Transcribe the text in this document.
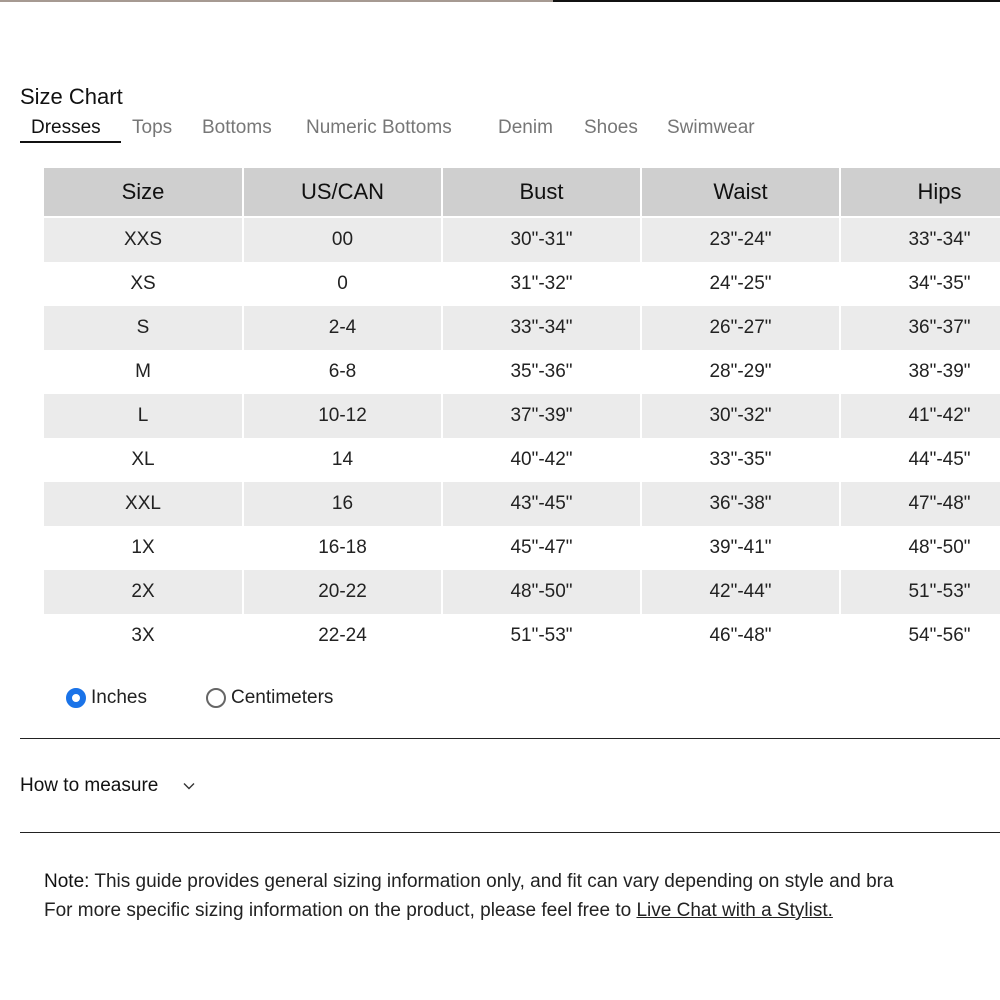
Size Chart
Dresses Tops Bottoms Numeric Bottoms Denim Shoes Swimwear
Size	US/CAN	Bust	Waist	Hips
XXS	00	30"-31"	23"-24"	33"-34"
XS	0	31"-32"	24"-25"	34"-35"
S	2-4	33"-34"	26"-27"	36"-37"
M	6-8	35"-36"	28"-29"	38"-39"
L	10-12	37"-39"	30"-32"	41"-42"
XL	14	40"-42"	33"-35"	44"-45"
XXL	16	43"-45"	36"-38"	47"-48"
1X	16-18	45"-47"	39"-41"	48"-50"
2X	20-22	48"-50"	42"-44"	51"-53"
3X	22-24	51"-53"	46"-48"	54"-56"
Inches	Centimeters
How to measure
Note: This guide provides general sizing information only, and fit can vary depending on style and bra
For more specific sizing information on the product, please feel free to Live Chat with a Stylist.
